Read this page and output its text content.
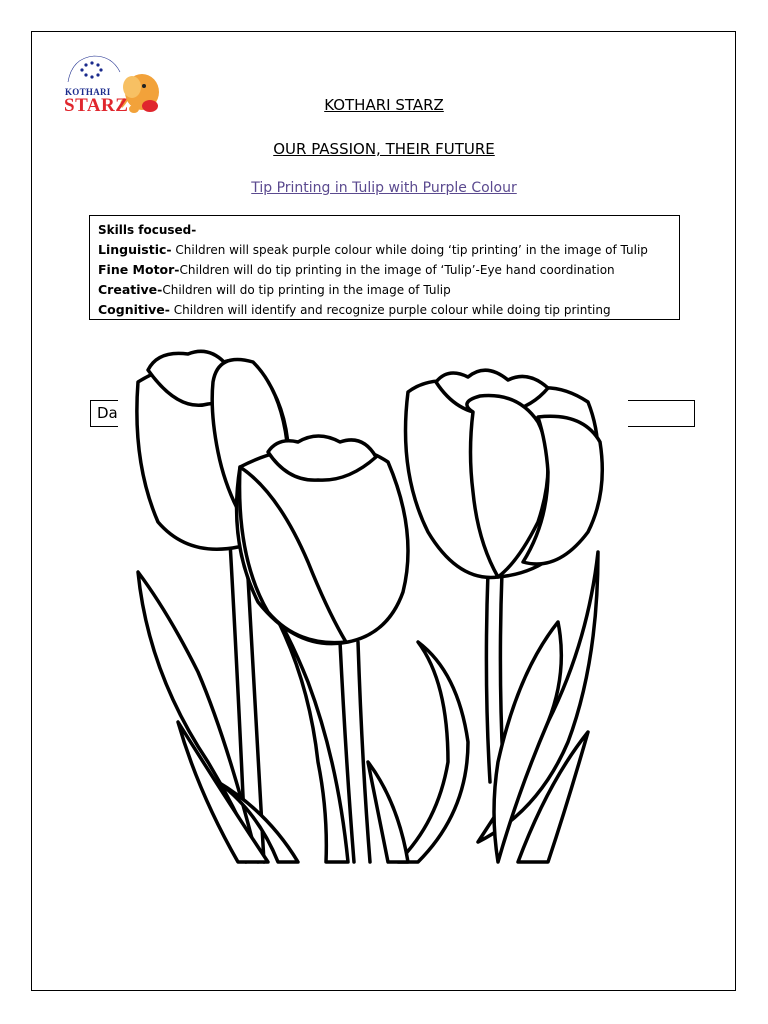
KOTHARI
STARZ	KOTHARI STARZ
OUR PASSION, THEIR FUTURE
Tip Printing in Tulip with Purple Colour
Skills focused-
Linguistic- Children will speak purple colour while doing ‘tip printing’ in the image of Tulip
Fine Motor-Children will do tip printing in the image of ‘Tulip’-Eye hand coordination
Creative-Children will do tip printing in the image of Tulip
Cognitive- Children will identify and recognize purple colour while doing tip printing
Da
